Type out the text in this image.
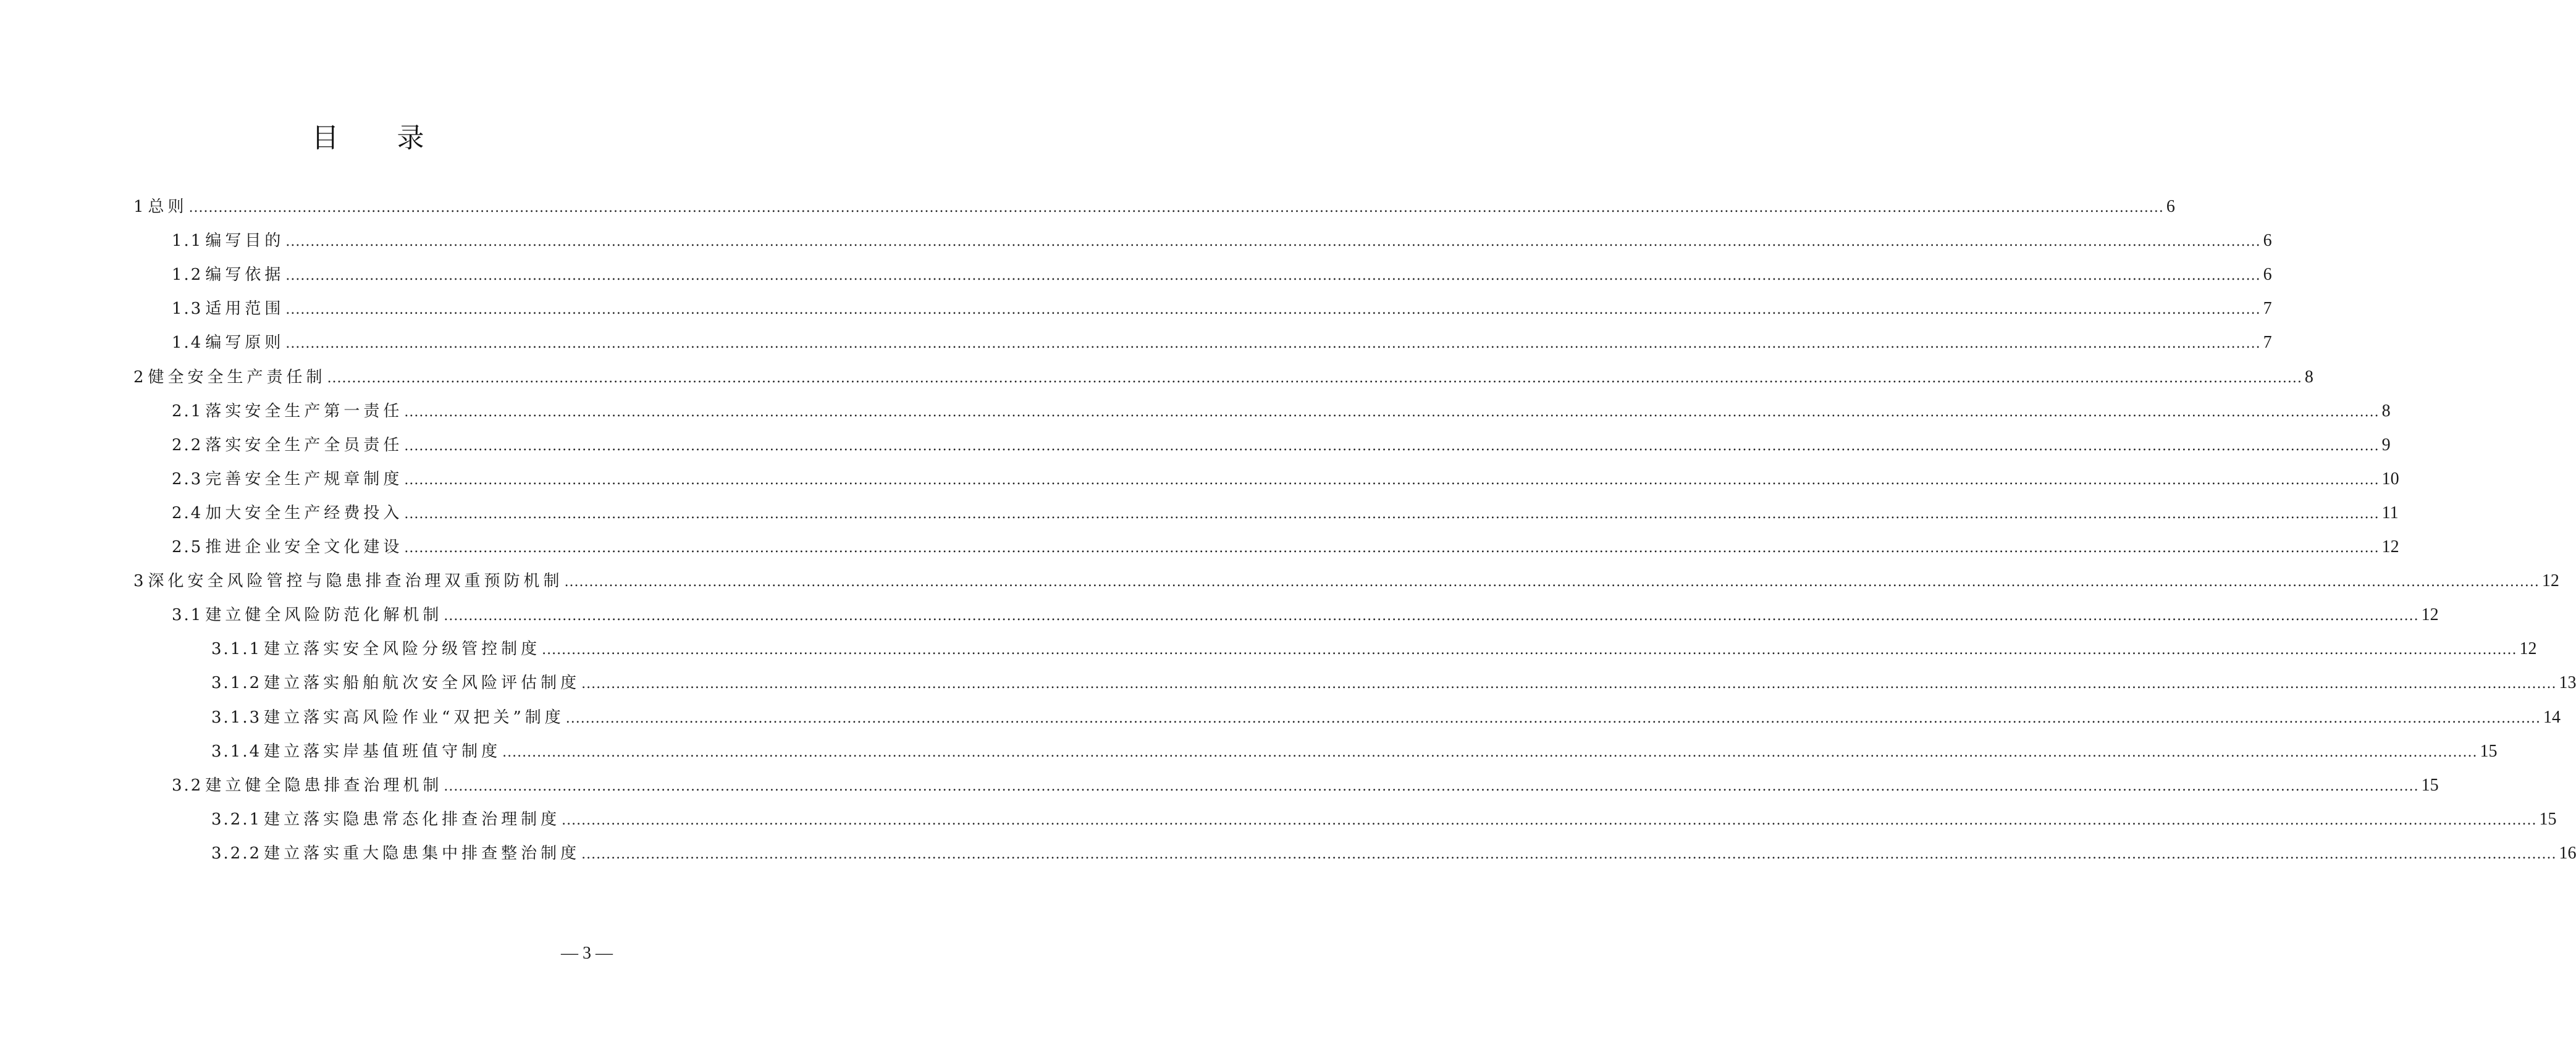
目 录
1 总则 ................................................................................................................................................................................................................................................................................................................................................................................................................ 6
1.1 编写目的 ................................................................................................................................................................................................................................................................................................................................................................................................................ 6
1.2 编写依据 ................................................................................................................................................................................................................................................................................................................................................................................................................ 6
1.3 适用范围 ................................................................................................................................................................................................................................................................................................................................................................................................................ 7
1.4 编写原则 ................................................................................................................................................................................................................................................................................................................................................................................................................ 7
2 健全安全生产责任制 ................................................................................................................................................................................................................................................................................................................................................................................................................ 8
2.1 落实安全生产第一责任 ................................................................................................................................................................................................................................................................................................................................................................................................................ 8
2.2 落实安全生产全员责任 ................................................................................................................................................................................................................................................................................................................................................................................................................ 9
2.3 完善安全生产规章制度 ................................................................................................................................................................................................................................................................................................................................................................................................................ 10
2.4 加大安全生产经费投入 ................................................................................................................................................................................................................................................................................................................................................................................................................ 11
2.5 推进企业安全文化建设 ................................................................................................................................................................................................................................................................................................................................................................................................................ 12
3 深化安全风险管控与隐患排查治理双重预防机制 ................................................................................................................................................................................................................................................................................................................................................................................................................ 12
3.1 建立健全风险防范化解机制 ................................................................................................................................................................................................................................................................................................................................................................................................................ 12
3.1.1 建立落实安全风险分级管控制度 ................................................................................................................................................................................................................................................................................................................................................................................................................ 12
3.1.2 建立落实船舶航次安全风险评估制度 ................................................................................................................................................................................................................................................................................................................................................................................................................ 13
3.1.3 建立落实高风险作业“双把关”制度 ................................................................................................................................................................................................................................................................................................................................................................................................................ 14
3.1.4 建立落实岸基值班值守制度 ................................................................................................................................................................................................................................................................................................................................................................................................................ 15
3.2 建立健全隐患排查治理机制 ................................................................................................................................................................................................................................................................................................................................................................................................................ 15
3.2.1 建立落实隐患常态化排查治理制度 ................................................................................................................................................................................................................................................................................................................................................................................................................ 15
3.2.2 建立落实重大隐患集中排查整治制度 ................................................................................................................................................................................................................................................................................................................................................................................................................ 16
— 3 —
